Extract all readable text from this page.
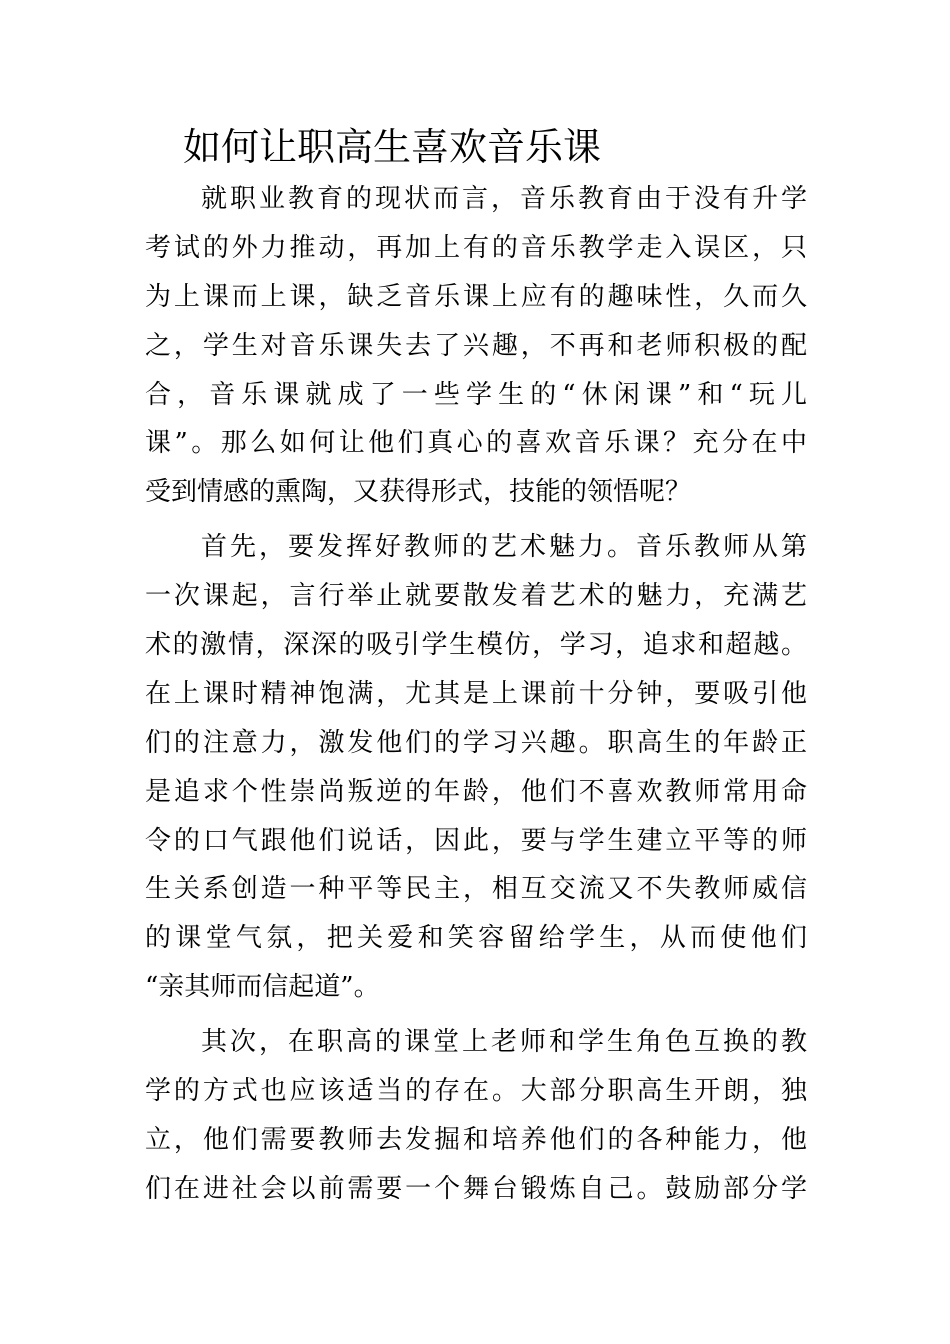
如何让职高生喜欢音乐课
就职业教育的现状而言，音乐教育由于没有升学
考试的外力推动，再加上有的音乐教学走入误区，只
为上课而上课，缺乏音乐课上应有的趣味性，久而久
之，学生对音乐课失去了兴趣，不再和老师积极的配
合，音乐课就成了一些学生的“休闲课”和“玩儿
课”。那么如何让他们真心的喜欢音乐课？充分在中
受到情感的熏陶，又获得形式，技能的领悟呢？
首先，要发挥好教师的艺术魅力。音乐教师从第
一次课起，言行举止就要散发着艺术的魅力，充满艺
术的激情，深深的吸引学生模仿，学习，追求和超越。
在上课时精神饱满，尤其是上课前十分钟，要吸引他
们的注意力，激发他们的学习兴趣。职高生的年龄正
是追求个性崇尚叛逆的年龄，他们不喜欢教师常用命
令的口气跟他们说话，因此，要与学生建立平等的师
生关系创造一种平等民主，相互交流又不失教师威信
的课堂气氛，把关爱和笑容留给学生，从而使他们
“亲其师而信起道”。
其次，在职高的课堂上老师和学生角色互换的教
学的方式也应该适当的存在。大部分职高生开朗，独
立，他们需要教师去发掘和培养他们的各种能力，他
们在进社会以前需要一个舞台锻炼自己。鼓励部分学
